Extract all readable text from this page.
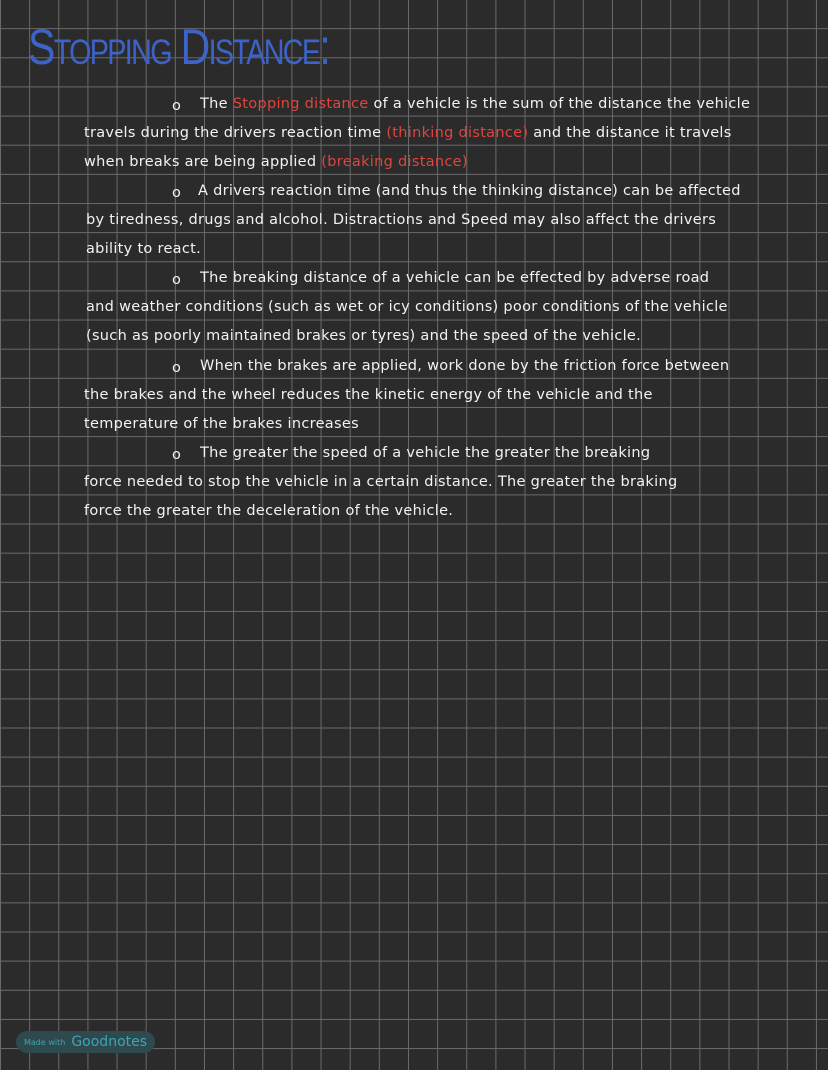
Stopping Distance:
o The Stopping distance of a vehicle is the sum of the distance the vehicle
travels during the drivers reaction time (thinking distance) and the distance it travels
when breaks are being applied (breaking distance)
o A drivers reaction time (and thus the thinking distance) can be affected
by tiredness, drugs and alcohol. Distractions and Speed may also affect the drivers
ability to react.
o The breaking distance of a vehicle can be effected by adverse road
and weather conditions (such as wet or icy conditions) poor conditions of the vehicle
(such as poorly maintained brakes or tyres) and the speed of the vehicle.
o When the brakes are applied, work done by the friction force between
the brakes and the wheel reduces the kinetic energy of the vehicle and the
temperature of the brakes increases
o The greater the speed of a vehicle the greater the breaking
force needed to stop the vehicle in a certain distance. The greater the braking
force the greater the deceleration of the vehicle.
Made with Goodnotes
